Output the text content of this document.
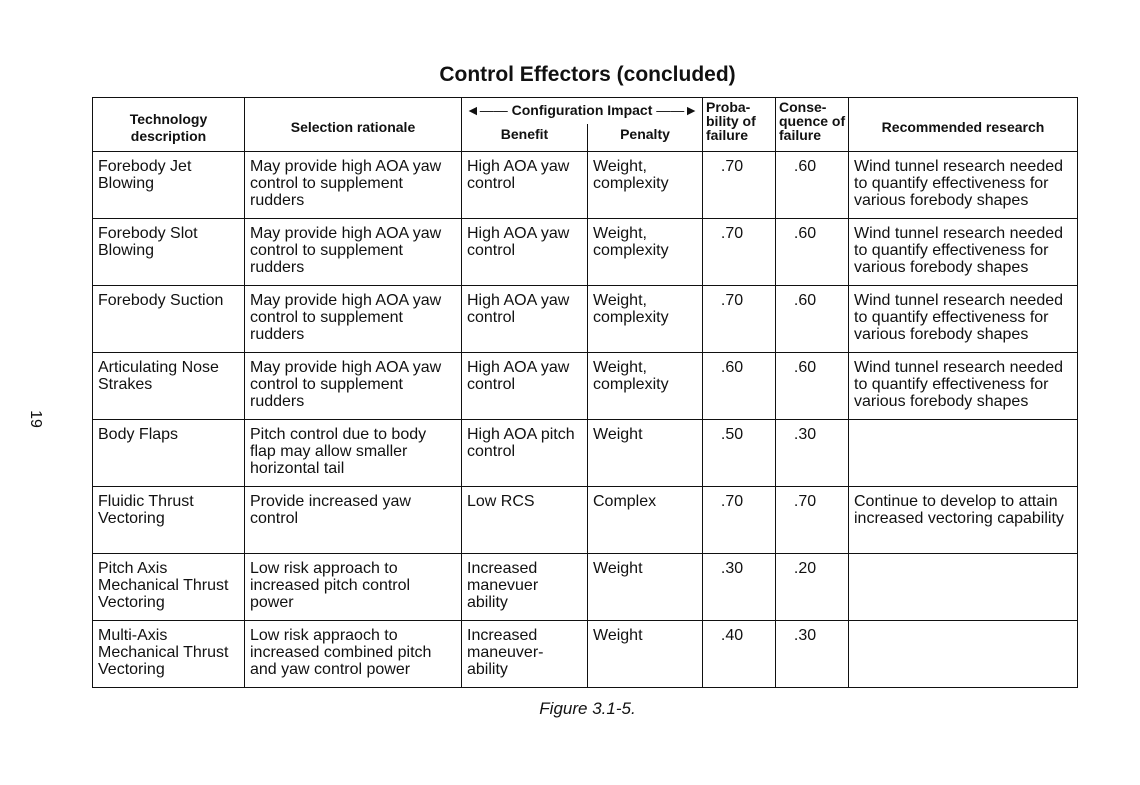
19
Control Effectors (concluded)
Technology description	Selection rationale	◄—— Configuration Impact ——►		Proba- bility of failure	Conse- quence of failure	Recommended research
		Benefit	Penalty			
Forebody Jet Blowing	May provide high AOA yaw control to supplement rudders	High AOA yaw control	Weight, complexity	.70	.60	Wind tunnel research needed to quantify effectiveness for various forebody shapes
Forebody Slot Blowing	May provide high AOA yaw control to supplement rudders	High AOA yaw control	Weight, complexity	.70	.60	Wind tunnel research needed to quantify effectiveness for various forebody shapes
Forebody Suction	May provide high AOA yaw control to supplement rudders	High AOA yaw control	Weight, complexity	.70	.60	Wind tunnel research needed to quantify effectiveness for various forebody shapes
Articulating Nose Strakes	May provide high AOA yaw control to supplement rudders	High AOA yaw control	Weight, complexity	.60	.60	Wind tunnel research needed to quantify effectiveness for various forebody shapes
Body Flaps	Pitch control due to body flap may allow smaller horizontal tail	High AOA pitch control	Weight	.50	.30	
Fluidic Thrust Vectoring	Provide increased yaw control	Low RCS	Complex	.70	.70	Continue to develop to attain increased vectoring capability
Pitch Axis Mechanical Thrust Vectoring	Low risk approach to increased pitch control power	Increased manevuer ability	Weight	.30	.20	
Multi-Axis Mechanical Thrust Vectoring	Low risk appraoch to increased combined pitch and yaw control power	Increased maneuver- ability	Weight	.40	.30	
Figure 3.1-5.
